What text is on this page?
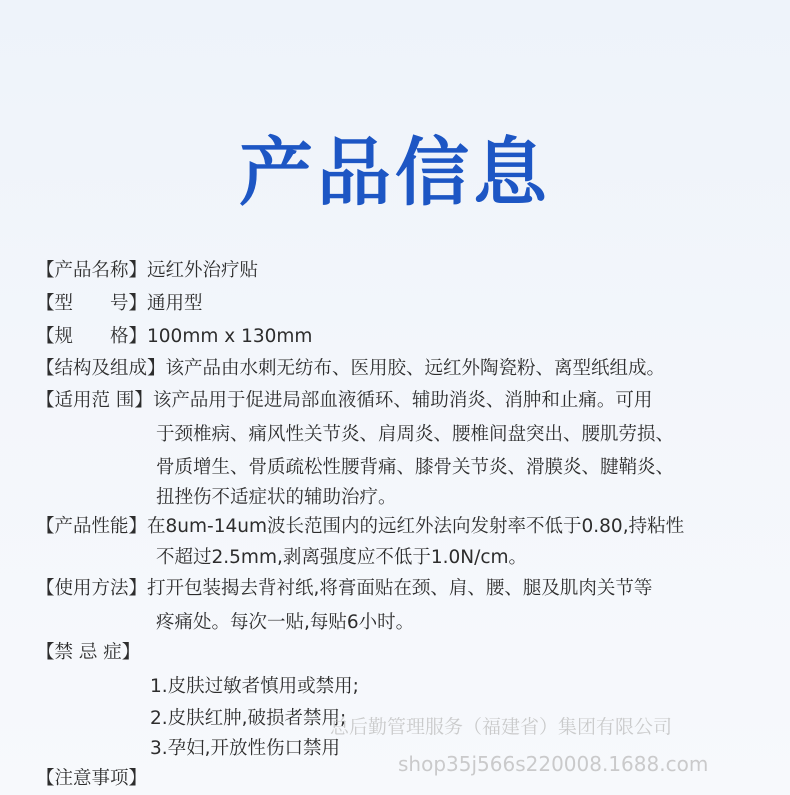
产品信息
【产品名称】远红外治疗贴
【型　　号】通用型
【规　　格】100mm x 130mm
【结构及组成】该产品由水刺无纺布、医用胶、远红外陶瓷粉、离型纸组成。
【适用范 围】该产品用于促进局部血液循环、辅助消炎、消肿和止痛。可用
于颈椎病、痛风性关节炎、肩周炎、腰椎间盘突出、腰肌劳损、
骨质增生、骨质疏松性腰背痛、膝骨关节炎、滑膜炎、腱鞘炎、
扭挫伤不适症状的辅助治疗。
【产品性能】在8um-14um波长范围内的远红外法向发射率不低于0.80,持粘性
不超过2.5mm,剥离强度应不低于1.0N/cm。
【使用方法】打开包装揭去背衬纸,将膏面贴在颈、肩、腰、腿及肌肉关节等
疼痛处。每次一贴,每贴6小时。
【禁 忌 症】
1.皮肤过敏者慎用或禁用;
2.皮肤红肿,破损者禁用;
3.孕妇,开放性伤口禁用
【注意事项】
总后勤管理服务（福建省）集团有限公司
shop35j566s220008.1688.com
